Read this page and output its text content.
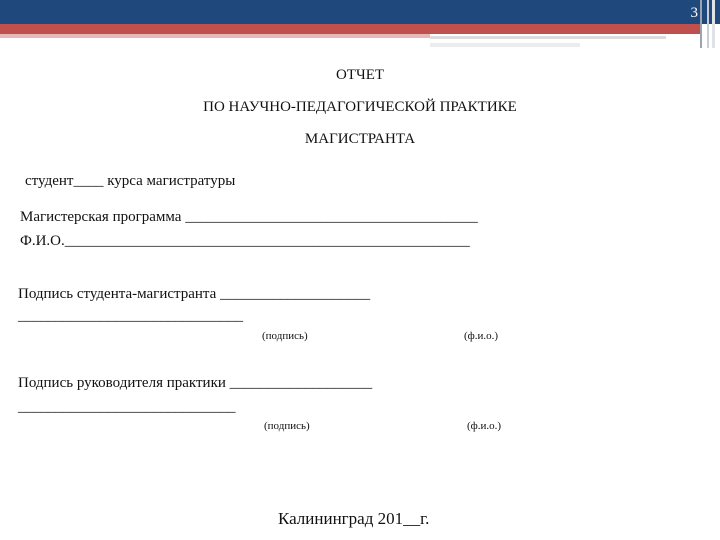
3
ОТЧЕТ
ПО НАУЧНО-ПЕДАГОГИЧЕСКОЙ ПРАКТИКЕ
МАГИСТРАНТА
студент____ курса магистратуры
Магистерская программа _______________________________________
Ф.И.О.______________________________________________________
Подпись студента-магистранта ____________________
______________________________
(подпись)	(ф.и.о.)
Подпись руководителя практики ___________________
_____________________________
(подпись)	(ф.и.о.)
Калининград 201__г.
